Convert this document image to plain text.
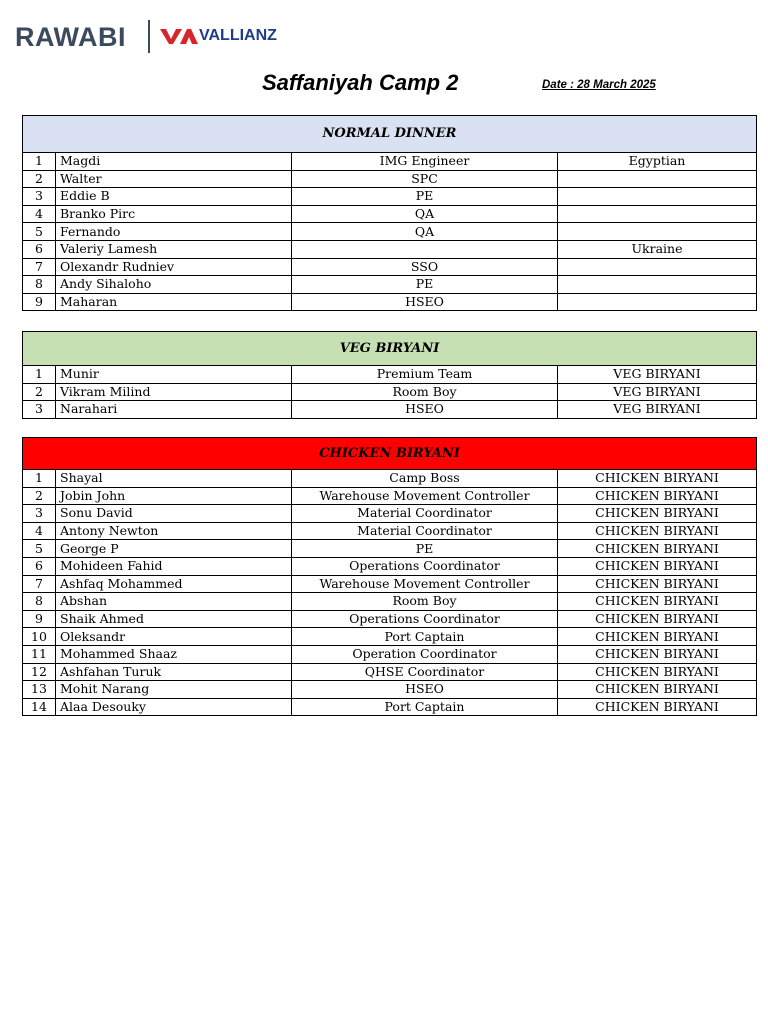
RAWABI	VALLIANZ
Saffaniyah Camp 2	Date : 28 March 2025
NORMAL DINNER			
1	Magdi	IMG Engineer	Egyptian
2	Walter	SPC	
3	Eddie B	PE	
4	Branko Pirc	QA	
5	Fernando	QA	
6	Valeriy Lamesh		Ukraine
7	Olexandr Rudniev	SSO	
8	Andy Sihaloho	PE	
9	Maharan	HSEO	
VEG BIRYANI			
1	Munir	Premium Team	VEG BIRYANI
2	Vikram Milind	Room Boy	VEG BIRYANI
3	Narahari	HSEO	VEG BIRYANI
CHICKEN BIRYANI			
1	Shayal	Camp Boss	CHICKEN BIRYANI
2	Jobin John	Warehouse Movement Controller	CHICKEN BIRYANI
3	Sonu David	Material Coordinator	CHICKEN BIRYANI
4	Antony Newton	Material Coordinator	CHICKEN BIRYANI
5	George P	PE	CHICKEN BIRYANI
6	Mohideen Fahid	Operations Coordinator	CHICKEN BIRYANI
7	Ashfaq Mohammed	Warehouse Movement Controller	CHICKEN BIRYANI
8	Abshan	Room Boy	CHICKEN BIRYANI
9	Shaik Ahmed	Operations Coordinator	CHICKEN BIRYANI
10	Oleksandr	Port Captain	CHICKEN BIRYANI
11	Mohammed Shaaz	Operation Coordinator	CHICKEN BIRYANI
12	Ashfahan Turuk	QHSE Coordinator	CHICKEN BIRYANI
13	Mohit Narang	HSEO	CHICKEN BIRYANI
14	Alaa Desouky	Port Captain	CHICKEN BIRYANI
